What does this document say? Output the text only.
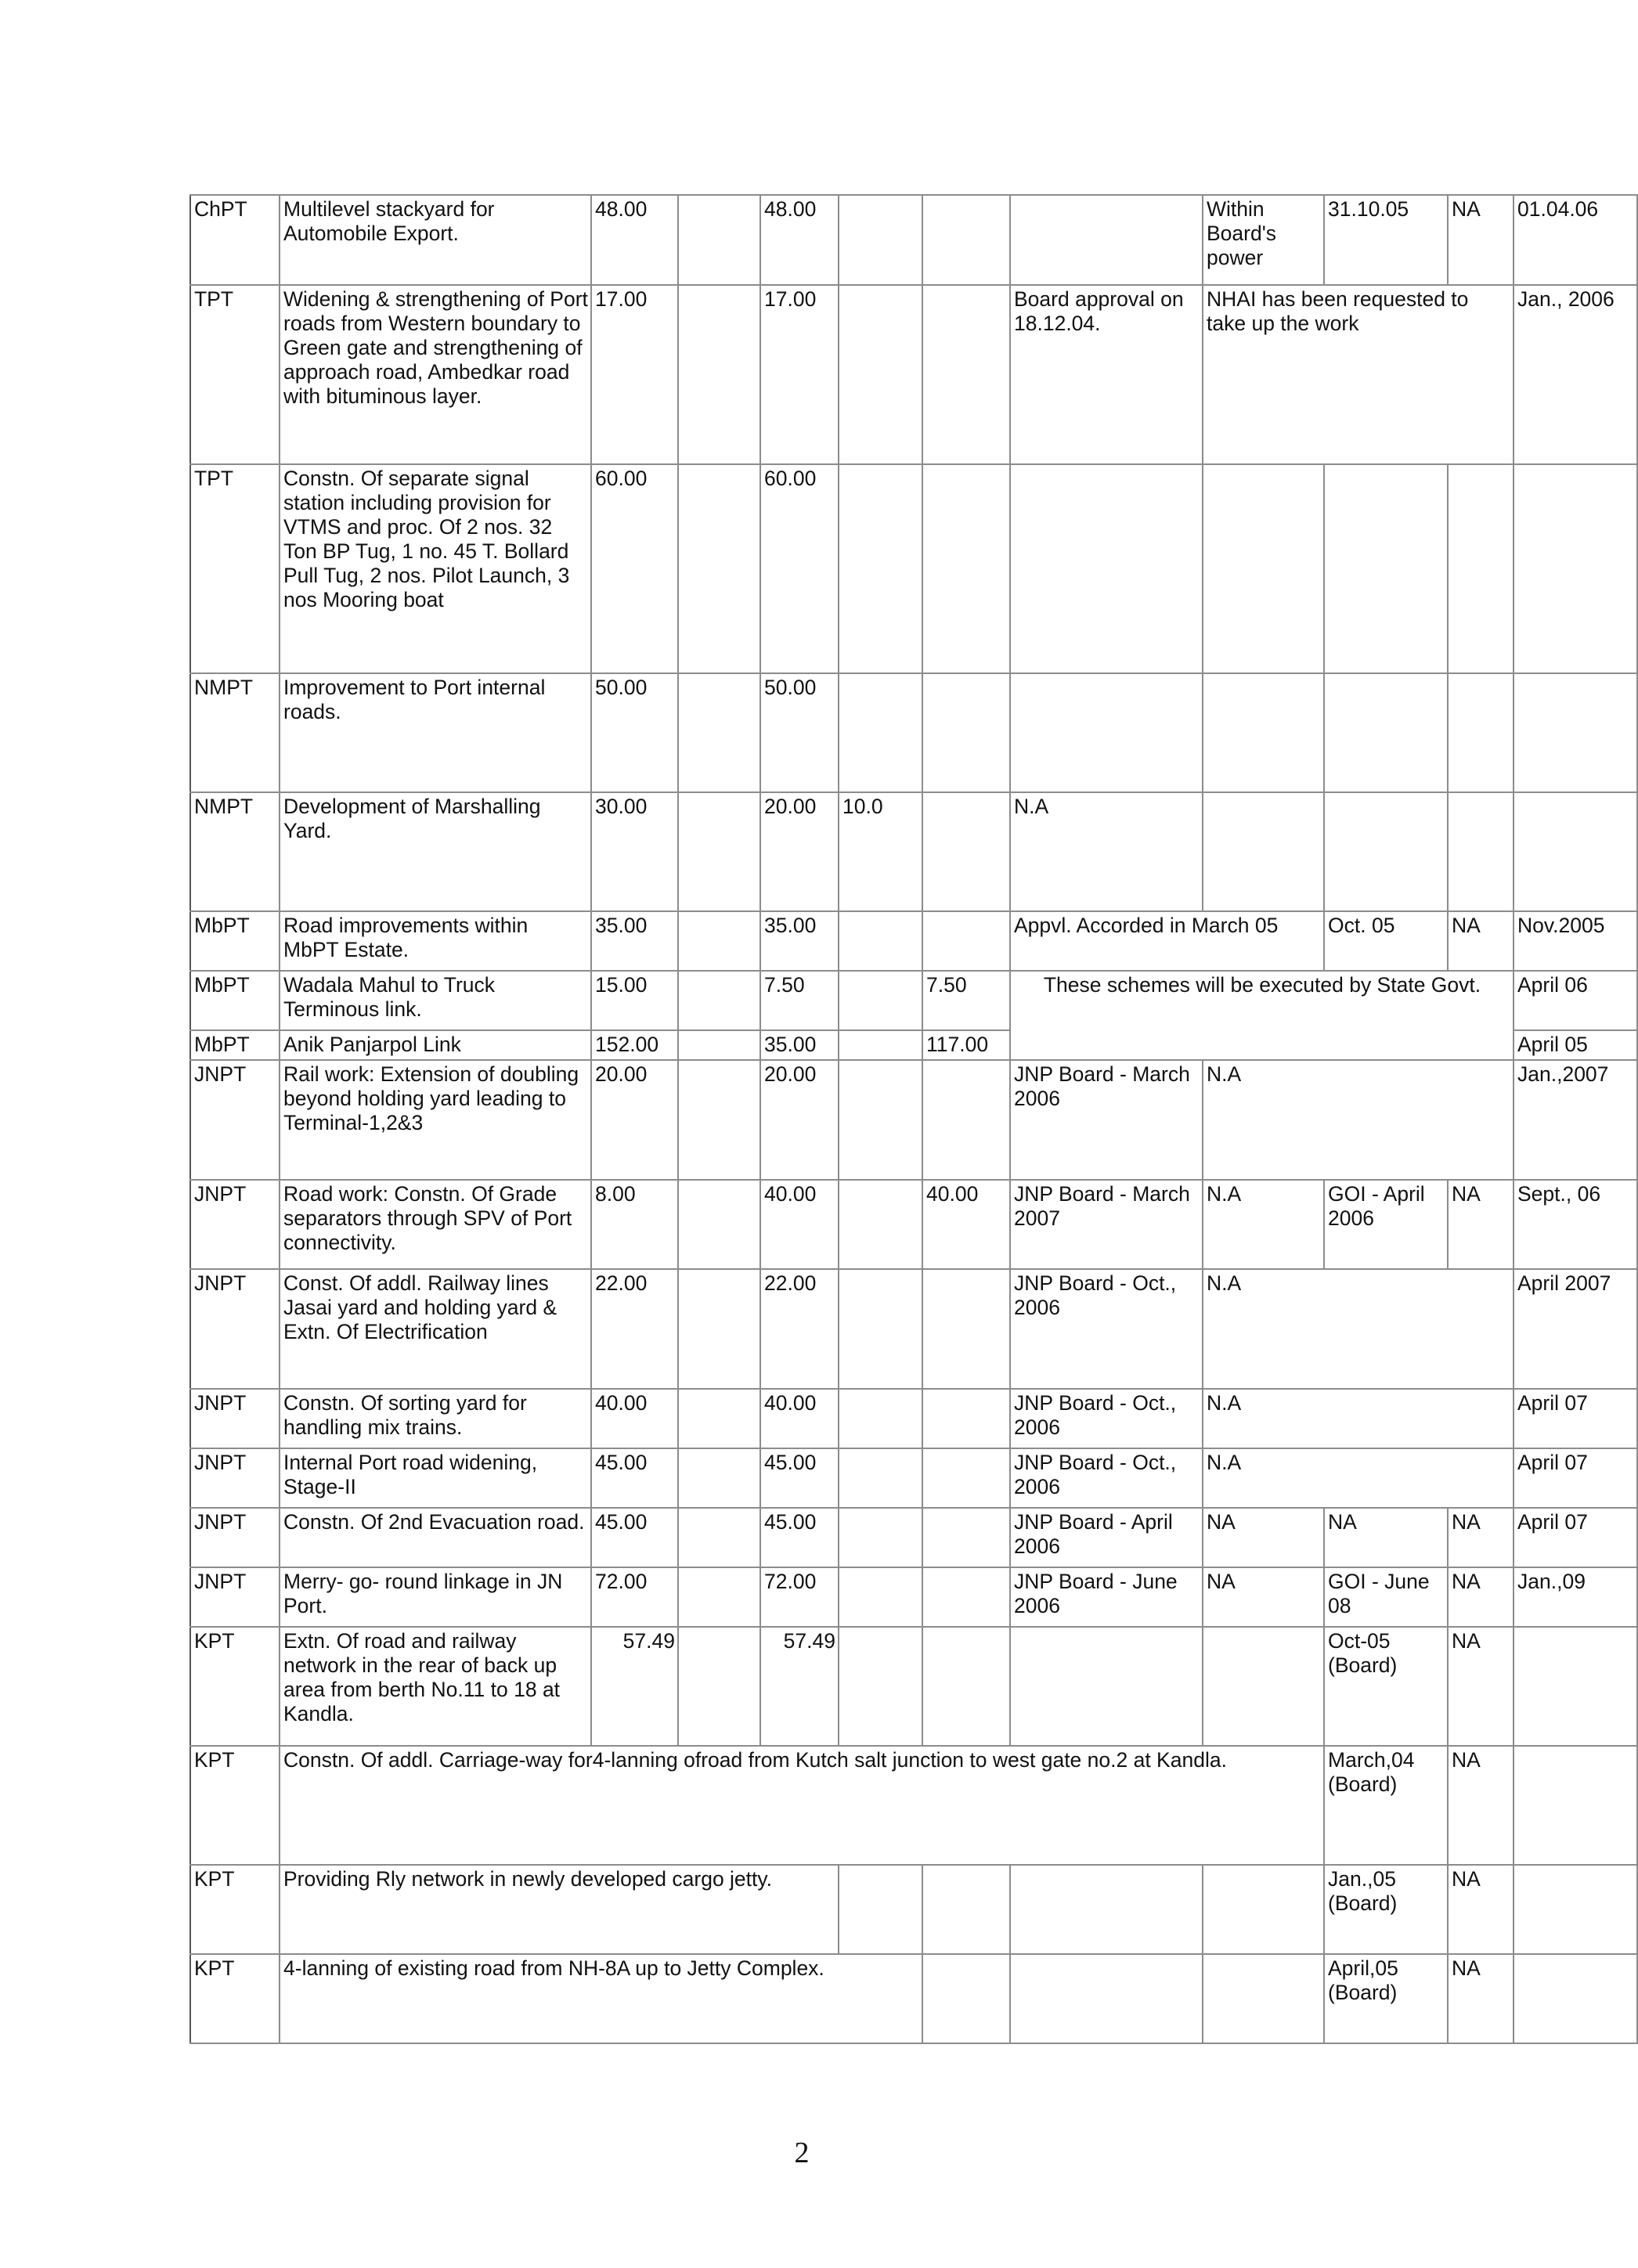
ChPT	Multilevel stackyard for Automobile Export.	48.00		48.00				Within Board's power	31.10.05	NA	01.04.06
TPT	Widening & strengthening of Port roads from Western boundary to Green gate and strengthening of approach road, Ambedkar road with bituminous layer.	17.00		17.00			Board approval on 18.12.04.	NHAI has been requested to take up the work			Jan., 2006
TPT	Constn. Of separate signal station including provision for VTMS and proc. Of 2 nos. 32 Ton BP Tug, 1 no. 45 T. Bollard Pull Tug, 2 nos. Pilot Launch, 3 nos Mooring boat	60.00		60.00							
NMPT	Improvement to Port internal roads.	50.00		50.00							
NMPT	Development of Marshalling Yard.	30.00		20.00	10.0		N.A				
MbPT	Road improvements within MbPT Estate.	35.00		35.00			Appvl. Accorded in March 05		Oct. 05	NA	Nov.2005
MbPT	Wadala Mahul to Truck Terminous link.	15.00		7.50		7.50	These schemes will be executed by State Govt.				April 06
MbPT	Anik Panjarpol Link	152.00		35.00		117.00					April 05
JNPT	Rail work: Extension of doubling beyond holding yard leading to Terminal-1,2&3	20.00		20.00			JNP Board - March 2006	N.A			Jan.,2007
JNPT	Road work: Constn. Of Grade separators through SPV of Port connectivity.	8.00		40.00		40.00	JNP Board - March 2007	N.A	GOI - April 2006	NA	Sept., 06
JNPT	Const. Of addl. Railway lines Jasai yard and holding yard & Extn. Of Electrification	22.00		22.00			JNP Board - Oct., 2006	N.A			April 2007
JNPT	Constn. Of sorting yard for handling mix trains.	40.00		40.00			JNP Board - Oct., 2006	N.A			April 07
JNPT	Internal Port road widening, Stage-II	45.00		45.00			JNP Board - Oct., 2006	N.A			April 07
JNPT	Constn. Of 2nd Evacuation road.	45.00		45.00			JNP Board - April 2006	NA	NA	NA	April 07
JNPT	Merry- go- round linkage in JN Port.	72.00		72.00			JNP Board - June 2006	NA	GOI - June 08	NA	Jan.,09
KPT	Extn. Of road and railway network in the rear of back up area from berth No.11 to 18 at Kandla.	57.49		57.49					Oct-05 (Board)	NA	
KPT	Constn. Of addl. Carriage-way for4-lanning ofroad from Kutch salt junction to west gate no.2 at Kandla.								March,04 (Board)	NA	
KPT	Providing Rly network in newly developed cargo jetty.								Jan.,05 (Board)	NA	
KPT	4-lanning of existing road from NH-8A up to Jetty Complex.								April,05 (Board)	NA	
2
